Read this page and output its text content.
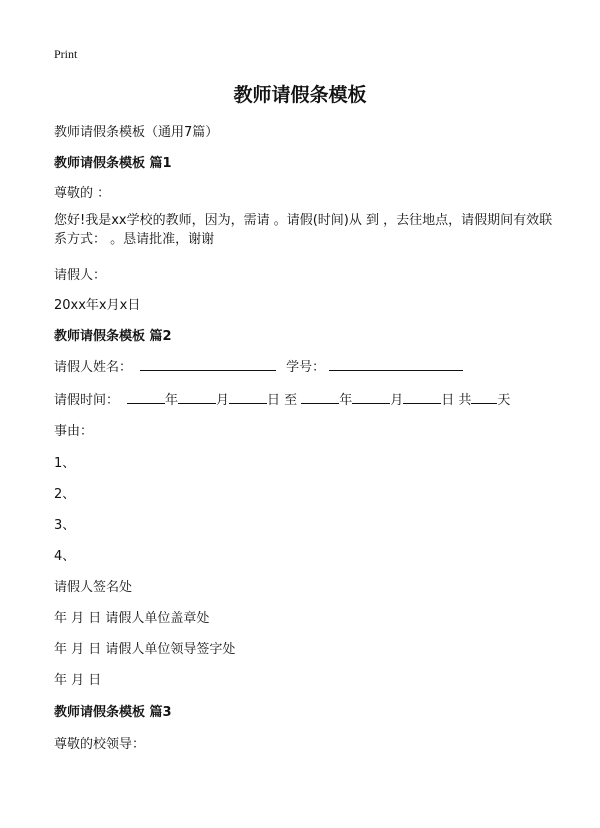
Print
教师请假条模板
教师请假条模板（通用7篇）
教师请假条模板 篇1
尊敬的 ：
您好!我是xx学校的教师，因为，需请 。请假(时间)从 到 ，去往地点，请假期间有效联系方式： 。恳请批准，谢谢
请假人：
20xx年x月x日
教师请假条模板 篇2
请假人姓名：	学号：
请假时间：	年	月	日 至	年	月	日 共 天
事由：
1、
2、
3、
4、
请假人签名处
年 月 日 请假人单位盖章处
年 月 日 请假人单位领导签字处
年 月 日
教师请假条模板 篇3
尊敬的校领导：
